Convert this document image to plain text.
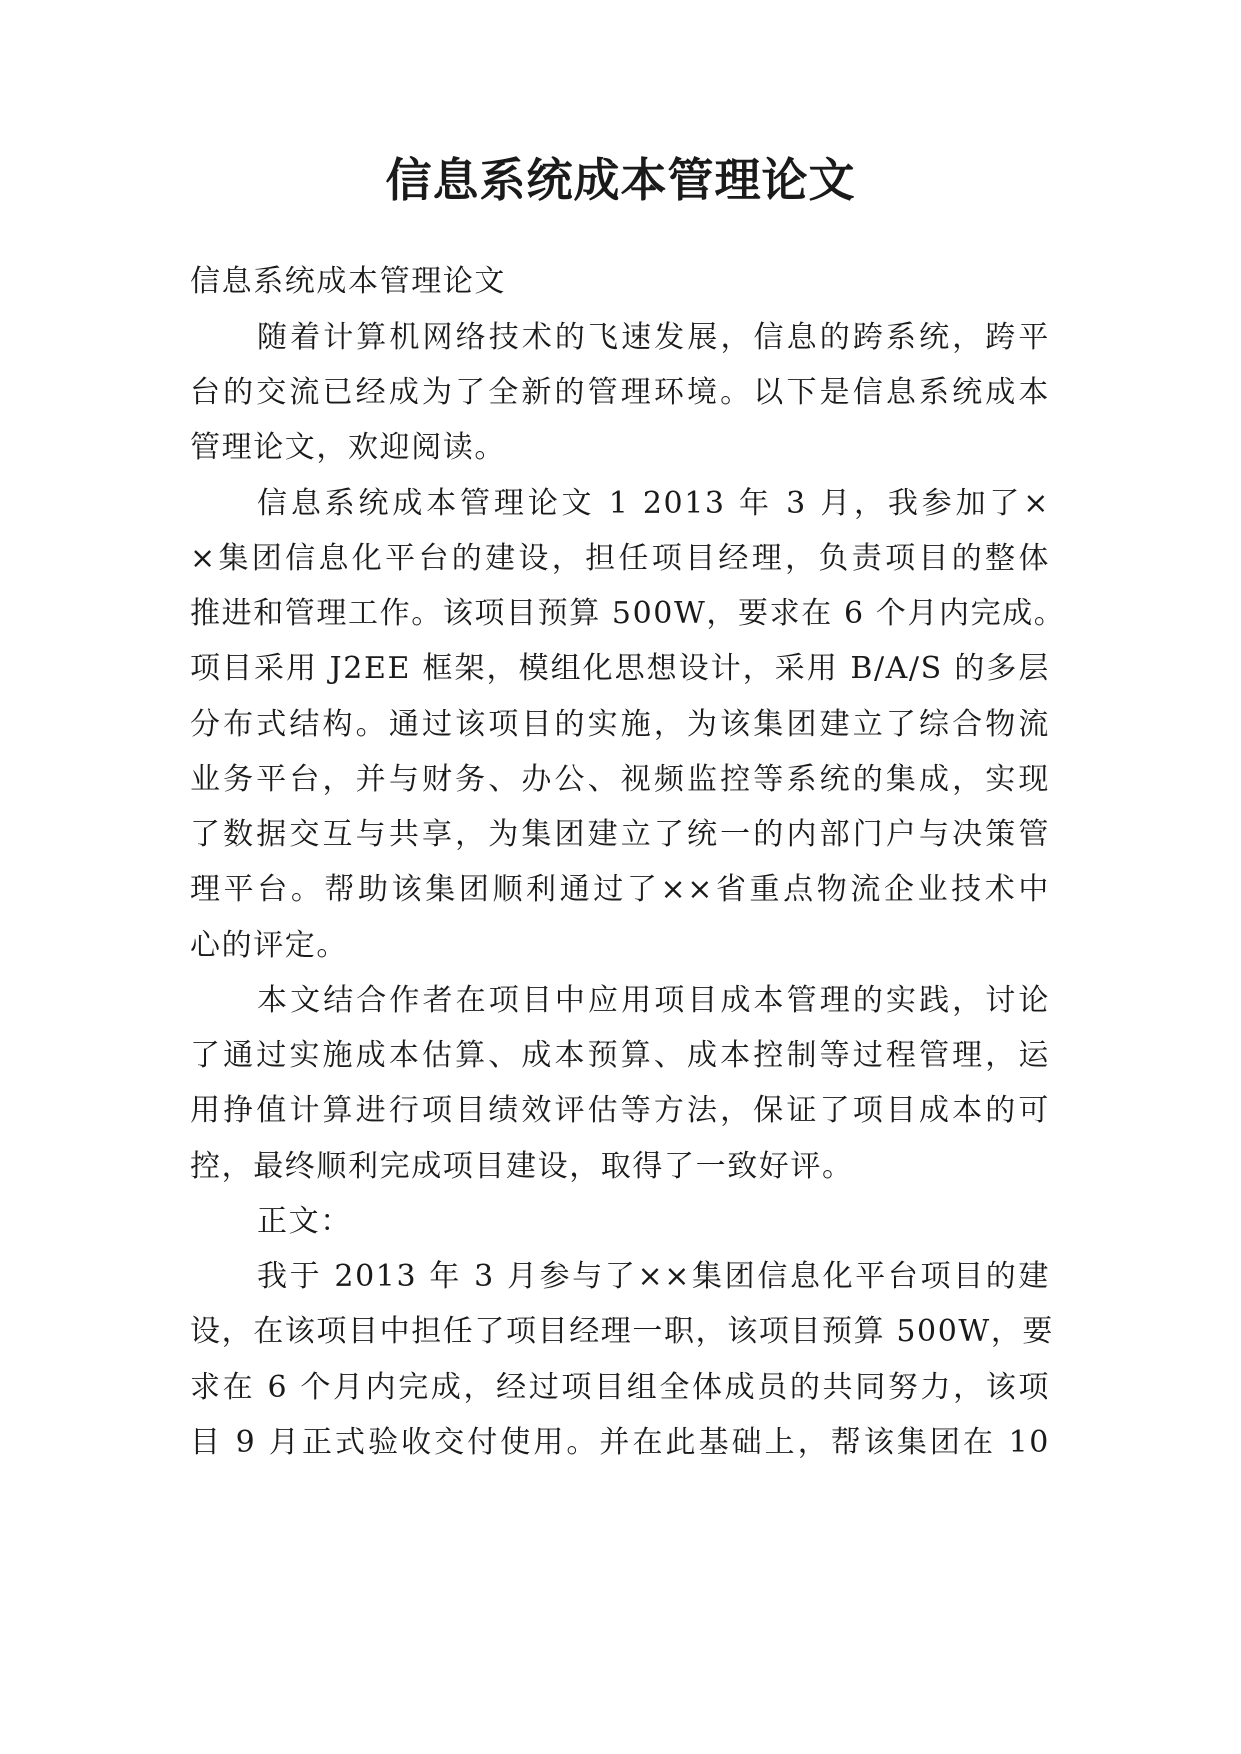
信息系统成本管理论文
信息系统成本管理论文
随着计算机网络技术的飞速发展，信息的跨系统，跨平
台的交流已经成为了全新的管理环境。以下是信息系统成本
管理论文，欢迎阅读。
信息系统成本管理论文 1 2013 年 3 月，我参加了×
×集团信息化平台的建设，担任项目经理，负责项目的整体
推进和管理工作。该项目预算 500W，要求在 6 个月内完成。
项目采用 J2EE 框架，模组化思想设计，采用 B/A/S 的多层
分布式结构。通过该项目的实施，为该集团建立了综合物流
业务平台，并与财务、办公、视频监控等系统的集成，实现
了数据交互与共享，为集团建立了统一的内部门户与决策管
理平台。帮助该集团顺利通过了××省重点物流企业技术中
心的评定。
本文结合作者在项目中应用项目成本管理的实践，讨论
了通过实施成本估算、成本预算、成本控制等过程管理，运
用挣值计算进行项目绩效评估等方法，保证了项目成本的可
控，最终顺利完成项目建设，取得了一致好评。
正文：
我于 2013 年 3 月参与了××集团信息化平台项目的建
设，在该项目中担任了项目经理一职，该项目预算 500W，要
求在 6 个月内完成，经过项目组全体成员的共同努力，该项
目 9 月正式验收交付使用。并在此基础上，帮该集团在 10
